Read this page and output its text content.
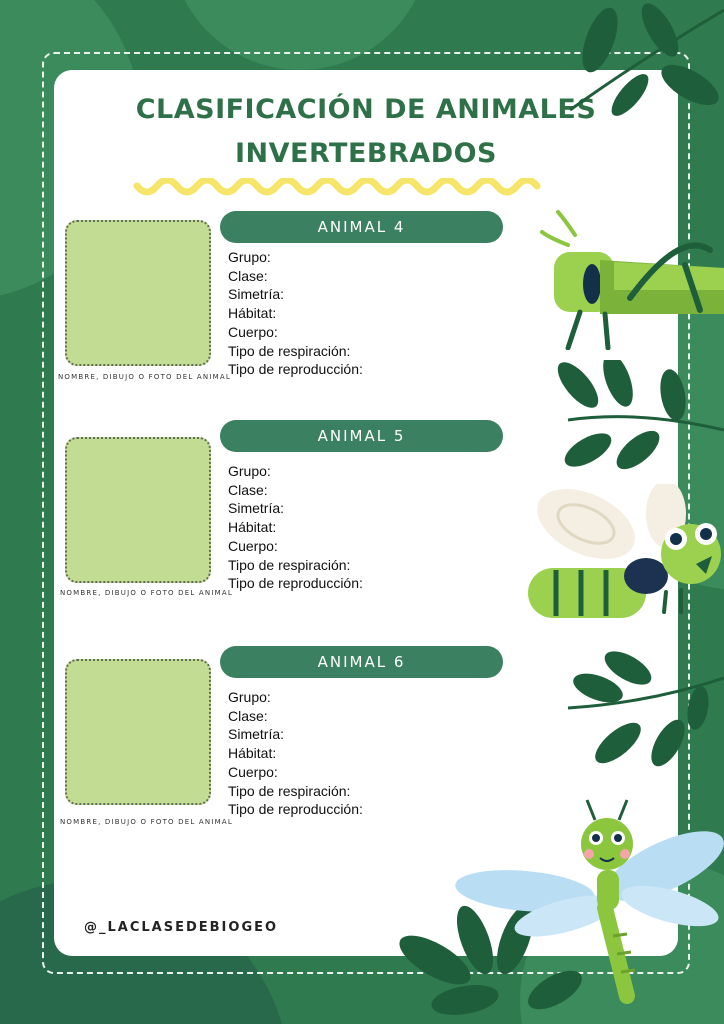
CLASIFICACIÓN DE ANIMALES
INVERTEBRADOS
NOMBRE, DIBUJO O FOTO DEL ANIMAL
ANIMAL 4
Grupo:
Clase:
Simetría:
Hábitat:
Cuerpo:
Tipo de respiración:
Tipo de reproducción:
NOMBRE, DIBUJO O FOTO DEL ANIMAL
ANIMAL 5
Grupo:
Clase:
Simetría:
Hábitat:
Cuerpo:
Tipo de respiración:
Tipo de reproducción:
NOMBRE, DIBUJO O FOTO DEL ANIMAL
ANIMAL 6
Grupo:
Clase:
Simetría:
Hábitat:
Cuerpo:
Tipo de respiración:
Tipo de reproducción:
@_LACLASEDEBIOGEO
